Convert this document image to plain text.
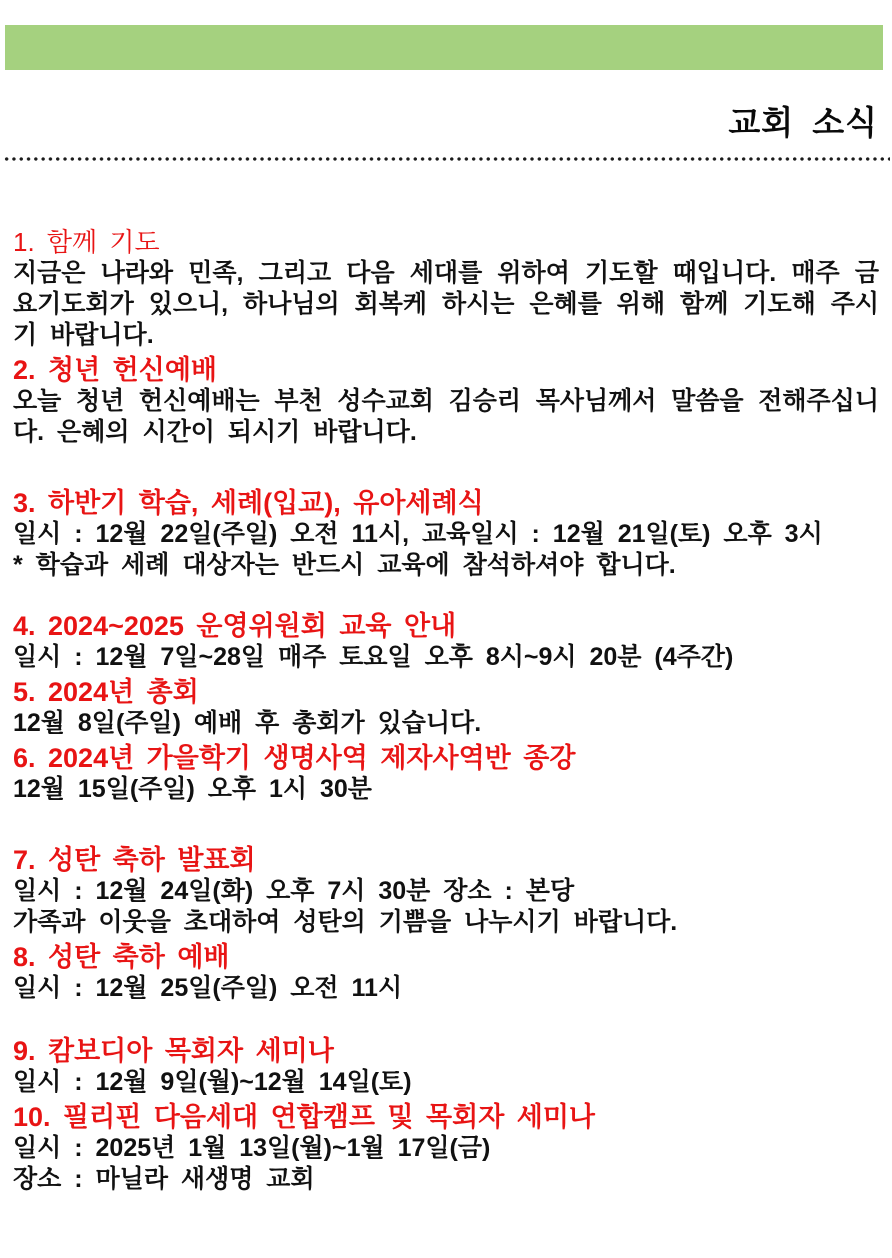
교회 소식

1. 함께 기도

지금은 나라와 민족, 그리고 다음 세대를 위하여 기도할 때입니다. 매주 금요기도회가 있으니, 하나님의 회복케 하시는 은혜를 위해 함께 기도해 주시기 바랍니다.

2. 청년 헌신예배

오늘 청년 헌신예배는 부천 성수교회 김승리 목사님께서 말씀을 전해주십니다. 은혜의 시간이 되시기 바랍니다.

3. 하반기 학습, 세례(입교), 유아세례식

일시 : 12월 22일(주일) 오전 11시, 교육일시 : 12월 21일(토) 오후 3시

* 학습과 세례 대상자는 반드시 교육에 참석하셔야 합니다.

4. 2024~2025 운영위원회 교육 안내

일시 : 12월 7일~28일 매주 토요일 오후 8시~9시 20분 (4주간)

5. 2024년 총회

12월 8일(주일) 예배 후 총회가 있습니다.

6. 2024년 가을학기 생명사역 제자사역반 종강

12월 15일(주일) 오후 1시 30분

7. 성탄 축하 발표회

일시 : 12월 24일(화) 오후 7시 30분 장소 : 본당

가족과 이웃을 초대하여 성탄의 기쁨을 나누시기 바랍니다.

8. 성탄 축하 예배

일시 : 12월 25일(주일) 오전 11시

9. 캄보디아 목회자 세미나

일시 : 12월 9일(월)~12월 14일(토)

10. 필리핀 다음세대 연합캠프 및 목회자 세미나

일시 : 2025년 1월 13일(월)~1월 17일(금)

장소 : 마닐라 새생명 교회
